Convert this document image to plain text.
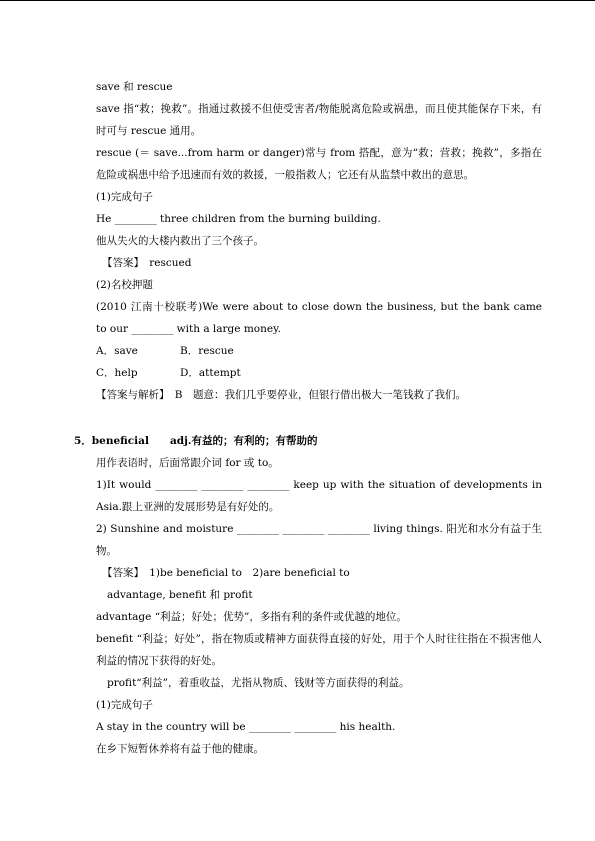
save 和 rescue
save 指“救；挽救”。指通过救援不但使受害者/物能脱离危险或祸患，而且使其能保存下来，有时可与 rescue 通用。
rescue (＝ save...from harm or danger)常与 from 搭配，意为“救；营救；挽救”，多指在危险或祸患中给予迅速而有效的救援，一般指救人；它还有从监禁中救出的意思。
(1)完成句子
He ________ three children from the burning building.
他从失火的大楼内救出了三个孩子。
【答案】　rescued
(2)名校押题
(2010 江南十校联考)We were about to close down the business, but the bank came to our ________ with a large money.
A．save	B．rescue
C．help	D．attempt
【答案与解析】　B　题意：我们几乎要停业，但银行借出极大一笔钱救了我们。
5．beneficial　　adj.有益的；有利的；有帮助的
用作表语时，后面常跟介词 for 或 to。
1)It would ________ ________ ________ keep up with the situation of developments in Asia.跟上亚洲的发展形势是有好处的。
2) Sunshine and moisture ________ ________ ________ living things. 阳光和水分有益于生物。
【答案】　1)be beneficial to　2)are beneficial to
advantage, benefit 和 profit
advantage “利益；好处；优势”，多指有利的条件或优越的地位。
benefit “利益；好处”，指在物质或精神方面获得直接的好处，用于个人时往往指在不损害他人利益的情况下获得的好处。
profit“利益”，着重收益，尤指从物质、钱财等方面获得的利益。
(1)完成句子
A stay in the country will be ________ ________ his health.
在乡下短暂休养将有益于他的健康。
